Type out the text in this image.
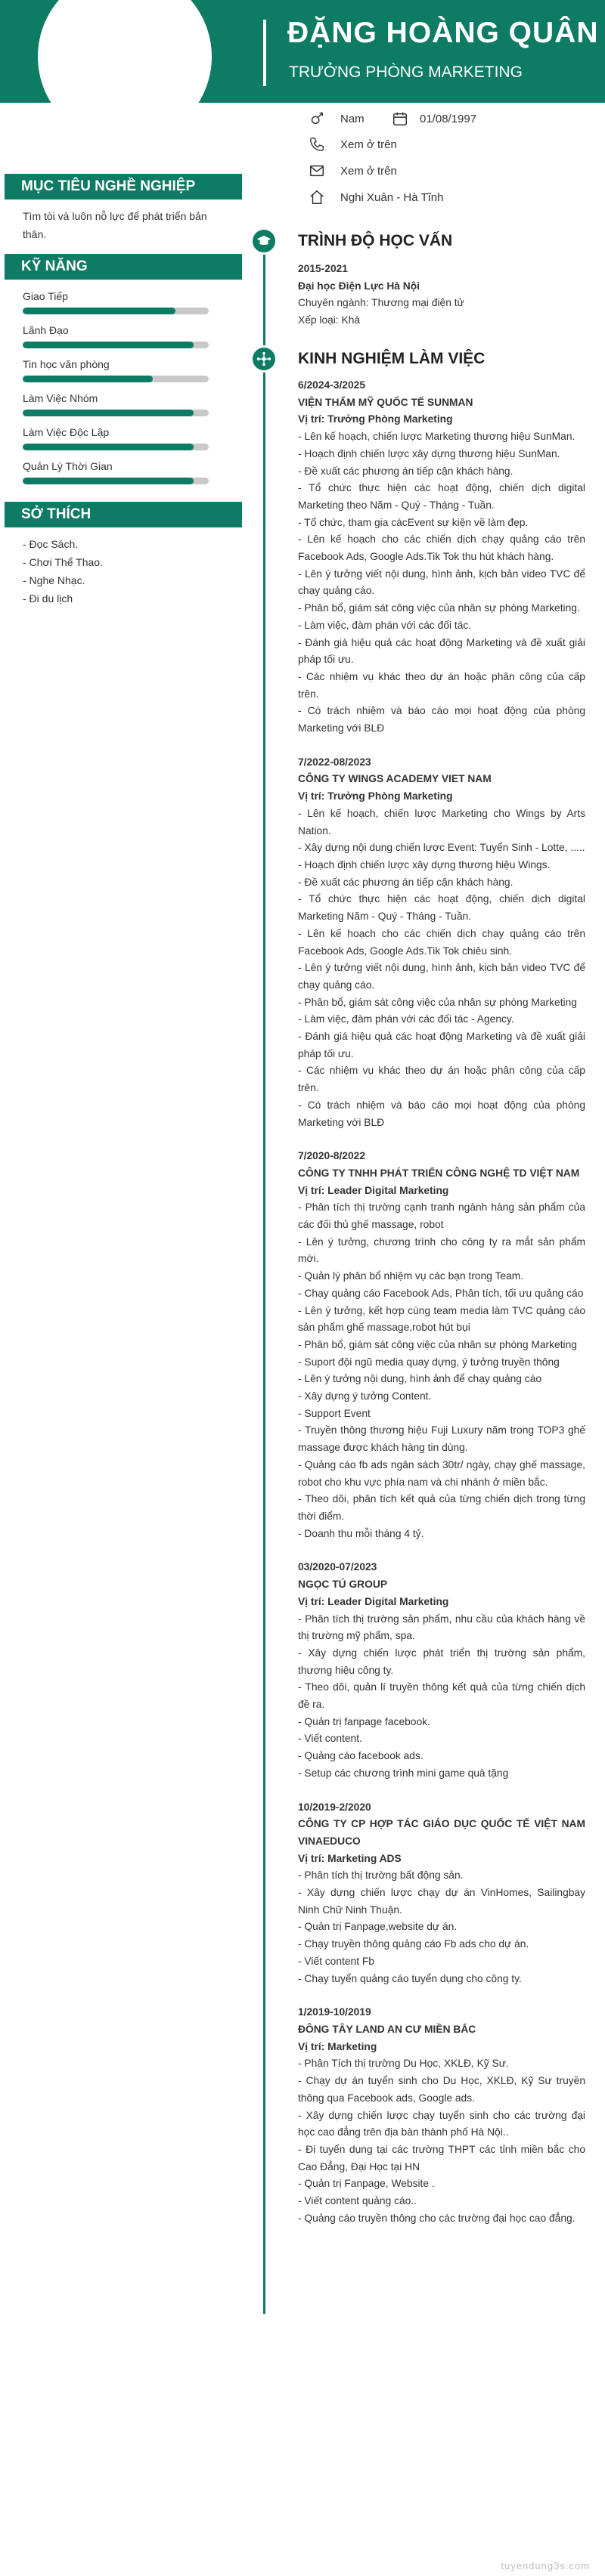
ĐẶNG HOÀNG QUÂN
TRƯỞNG PHÒNG MARKETING
Nam	01/08/1997
Xem ở trên
Xem ở trên
Nghi Xuân - Hà Tĩnh
MỤC TIÊU NGHỀ NGHIỆP
Tìm tòi và luôn nỗ lực để phát triển bản thân.
KỸ NĂNG
Giao Tiếp
Lãnh Đạo
Tin học văn phòng
Làm Việc Nhóm
Làm Việc Độc Lập
Quản Lý Thời Gian
SỞ THÍCH
- Đọc Sách.
- Chơi Thể Thao.
- Nghe Nhạc.
- Đi du lịch
TRÌNH ĐỘ HỌC VẤN
2015-2021
Đại học Điện Lực Hà Nội
Chuyên ngành: Thương mại điện tử
Xếp loại: Khá
KINH NGHIỆM LÀM VIỆC
6/2024-3/2025
VIỆN THẨM MỸ QUỐC TẾ SUNMAN
Vị trí: Trưởng Phòng Marketing
- Lên kế hoạch, chiến lược Marketing thương hiệu SunMan.
- Hoạch định chiến lược xây dựng thương hiệu SunMan.
- Đề xuất các phương án tiếp cận khách hàng.
- Tổ chức thực hiện các hoạt động, chiến dịch digital Marketing theo Năm - Quý - Tháng - Tuần.
- Tổ chức, tham gia cácEvent sự kiện về làm đẹp.
- Lên kế hoạch cho các chiến dịch chạy quảng cáo trên Facebook Ads, Google Ads.Tik Tok thu hút khách hàng.
- Lên ý tưởng viết nội dung, hình ảnh, kịch bản video TVC để chạy quảng cáo.
- Phân bổ, giám sát công việc của nhân sự phòng Marketing.
- Làm việc, đàm phán với các đối tác.
- Đánh giá hiệu quả các hoạt động Marketing và đề xuất giải pháp tối ưu.
- Các nhiệm vụ khác theo dự án hoặc phân công của cấp trên.
- Có trách nhiệm và báo cáo mọi hoạt động của phòng Marketing với BLĐ
7/2022-08/2023
CÔNG TY WINGS ACADEMY VIET NAM
Vị trí: Trưởng Phòng Marketing
- Lên kế hoạch, chiến lược Marketing cho Wings by Arts Nation.
- Xây dựng nội dung chiến lược Event: Tuyển Sinh - Lotte, .....
- Hoạch định chiến lược xây dựng thương hiệu Wings.
- Đề xuất các phương án tiếp cận khách hàng.
- Tổ chức thực hiện các hoạt động, chiến dịch digital Marketing Năm - Quý - Tháng - Tuần.
- Lên kế hoạch cho các chiến dịch chạy quảng cáo trên Facebook Ads, Google Ads.Tik Tok chiêu sinh.
- Lên ý tưởng viết nội dung, hình ảnh, kịch bản video TVC để chạy quảng cáo.
- Phân bổ, giám sát công việc của nhân sự phòng Marketing
- Làm việc, đàm phán với các đối tác - Agency.
- Đánh giá hiệu quả các hoạt động Marketing và đề xuất giải pháp tối ưu.
- Các nhiệm vụ khác theo dự án hoặc phân công của cấp trên.
- Có trách nhiệm và báo cáo mọi hoạt động của phòng Marketing với BLĐ
7/2020-8/2022
CÔNG TY TNHH PHÁT TRIỂN CÔNG NGHỆ TD VIỆT NAM
Vị trí: Leader Digital Marketing
- Phân tích thị trường cạnh tranh ngành hàng sản phẩm của các đối thủ ghế massage, robot
- Lên ý tưởng, chương trình cho công ty ra mắt sản phẩm mới.
- Quản lý phân bổ nhiệm vụ các bạn trong Team.
- Chạy quảng cáo Facebook Ads, Phân tích, tối ưu quảng cáo
- Lên ý tưởng, kết hợp cùng team media làm TVC quảng cáo sản phẩm ghế massage,robot hút bụi
- Phân bổ, giám sát công việc của nhân sự phòng Marketing
- Suport đội ngũ media quay dựng, ý tưởng truyền thông
- Lên ý tưởng nội dung, hình ảnh để chạy quảng cáo
- Xây dựng ý tưởng Content.
- Support Event
- Truyền thông thương hiệu Fuji Luxury năm trong TOP3 ghế massage được khách hàng tin dùng.
- Quảng cáo fb ads ngân sách 30tr/ ngày, chạy ghế massage, robot cho khu vực phía nam và chi nhánh ở miền bắc.
- Theo dõi, phân tích kết quả của từng chiến dịch trong từng thời điểm.
- Doanh thu mỗi tháng 4 tỷ.
03/2020-07/2023
NGỌC TÚ GROUP
Vị trí: Leader Digital Marketing
- Phân tích thị trường sản phẩm, nhu cầu của khách hàng về thị trường mỹ phẩm, spa.
- Xây dựng chiến lược phát triển thị trường sản phẩm, thương hiệu công ty.
- Theo dõi, quản lí truyền thông kết quả của từng chiến dịch đề ra.
- Quản trị fanpage facebook.
- Viết content.
- Quảng cáo facebook ads.
- Setup các chương trình mini game quà tặng
10/2019-2/2020
CÔNG TY CP HỢP TÁC GIÁO DỤC QUỐC TẾ VIỆT NAM VINAEDUCO
Vị trí: Marketing ADS
- Phân tích thị trường bất động sản.
- Xây dựng chiến lược chạy dự án VinHomes, Sailingbay Ninh Chữ Ninh Thuận.
- Quản trị Fanpage,website dự án.
- Chạy truyền thông quảng cáo Fb ads cho dự án.
- Viết content Fb
- Chạy tuyển quảng cáo tuyển dụng cho công ty.
1/2019-10/2019
ĐÔNG TÂY LAND AN CƯ MIỀN BẮC
Vị trí: Marketing
- Phân Tích thị trường Du Học, XKLĐ, Kỹ Sư.
- Chạy dự án tuyển sinh cho Du Học, XKLĐ, Kỹ Sư truyền thông qua Facebook ads, Google ads.
- Xây dựng chiến lược chạy tuyển sinh cho các trường đại học cao đẳng trên địa bàn thành phố Hà Nội..
- Đi tuyển dụng tại các trường THPT các tỉnh miền bắc cho Cao Đẳng, Đại Học tại HN
- Quản trị Fanpage, Website .
- Viết content quảng cáo..
- Quảng cáo truyền thông cho các trường đại học cao đẳng.
tuyendung3s.com
